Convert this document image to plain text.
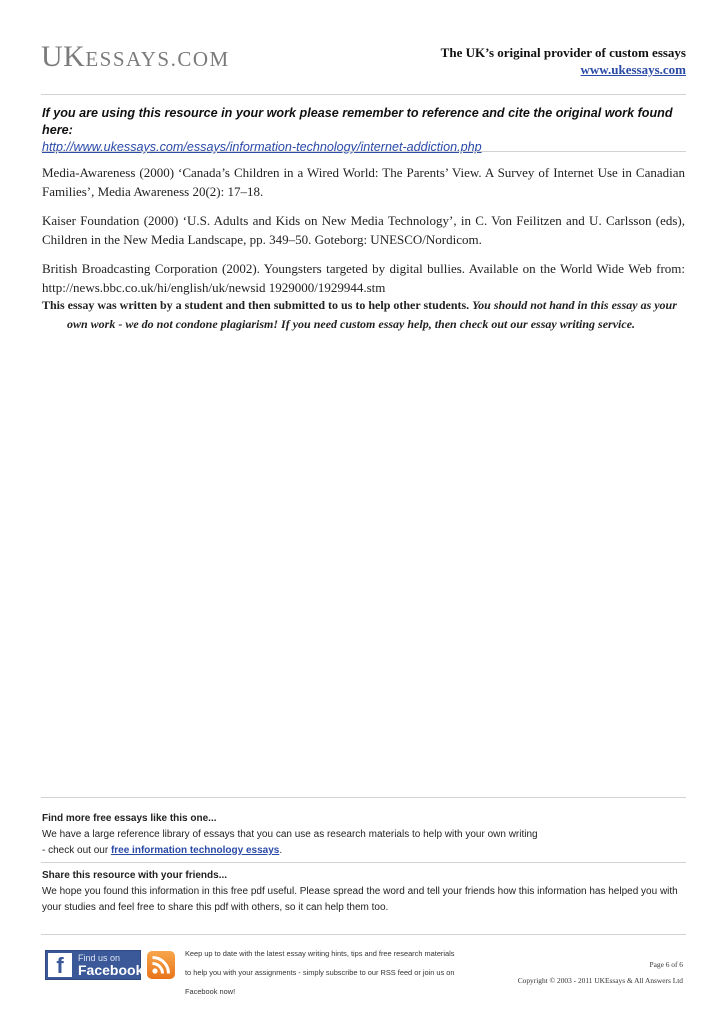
UKESSAYS.COM	The UK’s original provider of custom essays
www.ukessays.com
If you are using this resource in your work please remember to reference and cite the original work found here:
http://www.ukessays.com/essays/information-technology/internet-addiction.php

Media-Awareness (2000) ‘Canada’s Children in a Wired World: The Parents’ View. A Survey of Internet Use in Canadian Families’, Media Awareness 20(2): 17–18.

Kaiser Foundation (2000) ‘U.S. Adults and Kids on New Media Technology’, in C. Von Feilitzen and U. Carlsson (eds), Children in the New Media Landscape, pp. 349–50. Goteborg: UNESCO/Nordicom.

British Broadcasting Corporation (2002). Youngsters targeted by digital bullies. Available on the World Wide Web from: http://news.bbc.co.uk/hi/english/uk/newsid 1929000/1929944.stm

This essay was written by a student and then submitted to us to help other students. You should not hand in this essay as your
own work - we do not condone plagiarism! If you need custom essay help, then check out our essay writing service.
Find more free essays like this one...
We have a large reference library of essays that you can use as research materials to help with your own writing
- check out our free information technology essays.
Share this resource with your friends...
We hope you found this information in this free pdf useful. Please spread the word and tell your friends how this information has helped you with your studies and feel free to share this pdf with others, so it can help them too.
f	Find us on
Facebook
Keep up to date with the latest essay writing hints, tips and free research materials
to help you with your assignments - simply subscribe to our RSS feed or join us on
Facebook now!
Page 6 of 6
Copyright © 2003 - 2011 UKEssays & All Answers Ltd
